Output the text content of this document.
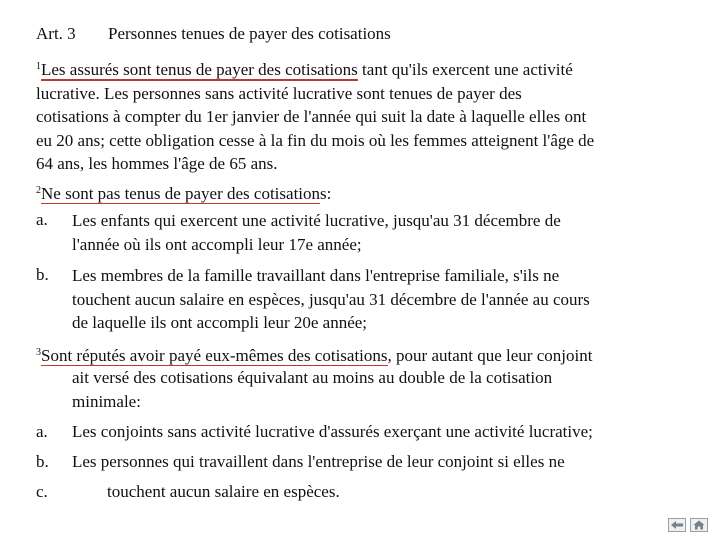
Art. 3 Personnes tenues de payer des cotisations
$^1$Les assurés sont tenus de payer des cotisations tant qu'ils exercent une activité
lucrative. Les personnes sans activité lucrative sont tenues de payer des
cotisations à compter du 1er janvier de l'année qui suit la date à laquelle elles ont
eu 20 ans; cette obligation cesse à la fin du mois où les femmes atteignent l'âge de
64 ans, les hommes l'âge de 65 ans.
$^2$Ne sont pas tenus de payer des cotisations:
a. Les enfants qui exercent une activité lucrative, jusqu'au 31 décembre de
l'année où ils ont accompli leur 17e année;
b. Les membres de la famille travaillant dans l'entreprise familiale, s'ils ne
touchent aucun salaire en espèces, jusqu'au 31 décembre de l'année au cours
de laquelle ils ont accompli leur 20e année;
$^3$Sont réputés avoir payé eux-mêmes des cotisations, pour autant que leur conjoint
ait versé des cotisations équivalant au moins au double de la cotisation
minimale:
a. Les conjoints sans activité lucrative d'assurés exerçant une activité lucrative;
b. Les personnes qui travaillent dans l'entreprise de leur conjoint si elles ne
c.	touchent aucun salaire en espèces.
